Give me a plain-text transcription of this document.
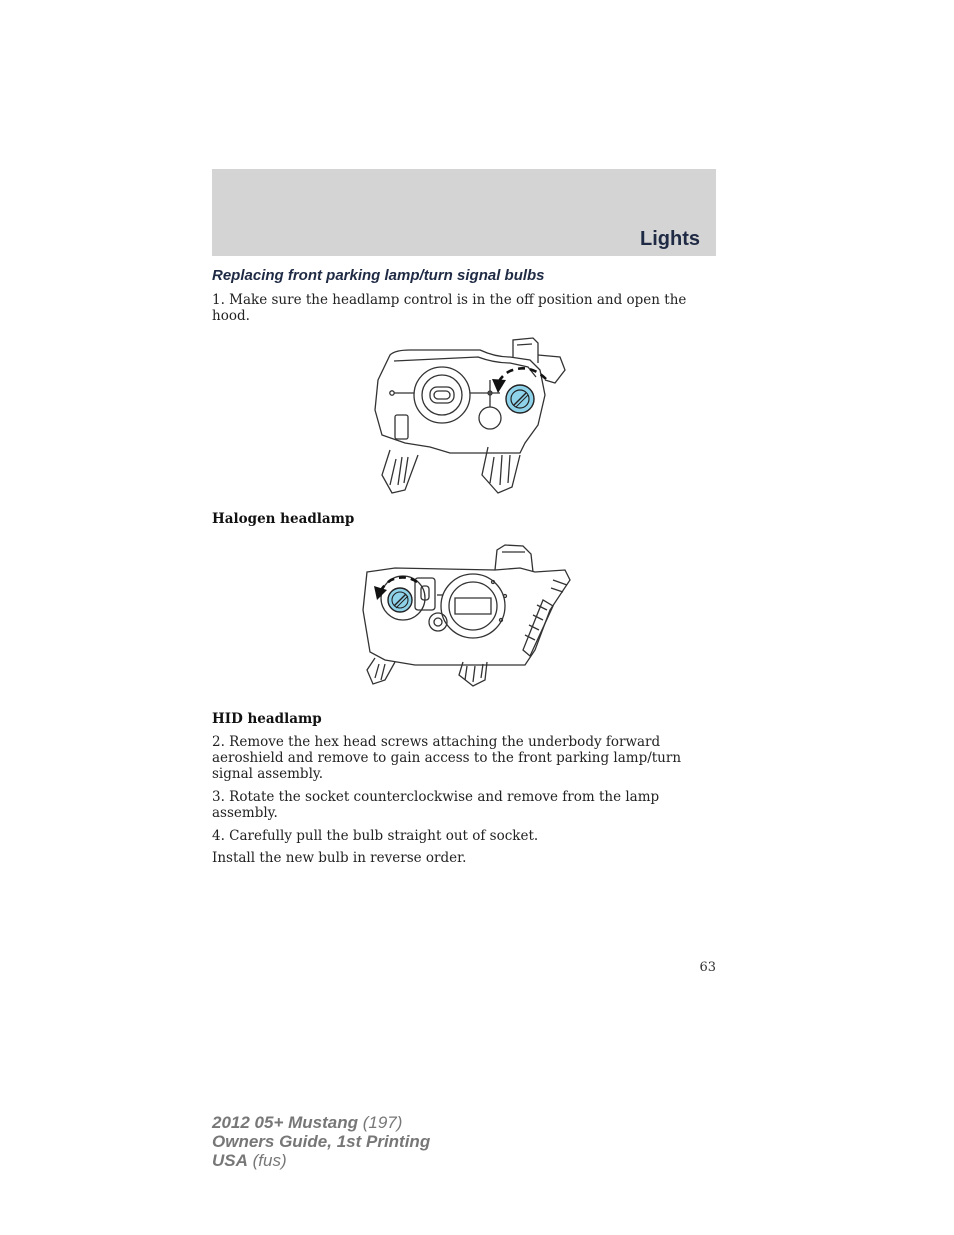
Lights
Replacing front parking lamp/turn signal bulbs
1. Make sure the headlamp control is in the off position and open the hood.
Halogen headlamp
HID headlamp
2. Remove the hex head screws attaching the underbody forward aeroshield and remove to gain access to the front parking lamp/turn signal assembly.
3. Rotate the socket counterclockwise and remove from the lamp assembly.
4. Carefully pull the bulb straight out of socket.
Install the new bulb in reverse order.
63
2012 05+ Mustang (197)
Owners Guide, 1st Printing
USA (fus)
